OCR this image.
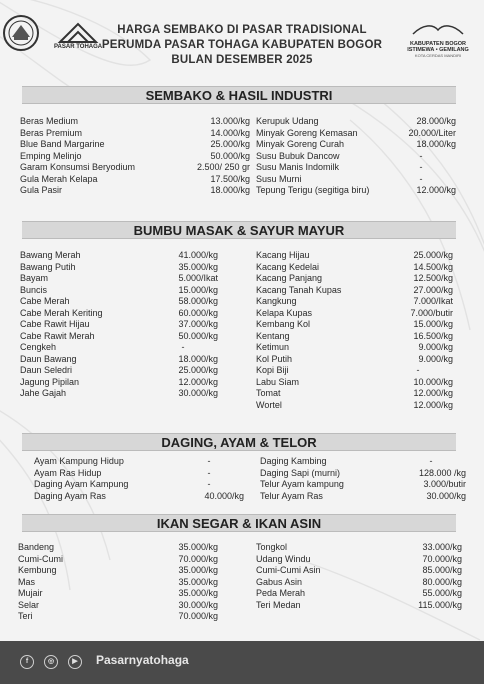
PASAR TOHAGA
HARGA SEMBAKO DI PASAR TRADISIONAL
PERUMDA PASAR TOHAGA KABUPATEN BOGOR
BULAN DESEMBER 2025
KABUPATEN BOGOR
ISTIMEWA • GEMILANG
KOTA CERDAS MANDIRI
SEMBAKO & HASIL INDUSTRI
BUMBU MASAK & SAYUR MAYUR
DAGING, AYAM & TELOR
IKAN SEGAR & IKAN ASIN
Beras Medium	13.000/kg
Beras Premium	14.000/kg
Blue Band Margarine	25.000/kg
Emping Melinjo	50.000/kg
Garam Konsumsi Beryodium	2.500/ 250 gr
Gula Merah Kelapa	17.500/kg
Gula Pasir	18.000/kg
Kerupuk Udang	28.000/kg
Minyak Goreng Kemasan	20.000/Liter
Minyak Goreng Curah	18.000/kg
Susu Bubuk Dancow	-
Susu Manis Indomilk	-
Susu Murni	-
Tepung Terigu (segitiga biru)	12.000/kg
Bawang Merah	41.000/kg
Bawang Putih	35.000/kg
Bayam	5.000/Ikat
Buncis	15.000/kg
Cabe Merah	58.000/kg
Cabe Merah Keriting	60.000/kg
Cabe Rawit Hijau	37.000/kg
Cabe Rawit Merah	50.000/kg
Cengkeh	-
Daun Bawang	18.000/kg
Daun Seledri	25.000/kg
Jagung Pipilan	12.000/kg
Jahe Gajah	30.000/kg
Kacang Hijau	25.000/kg
Kacang Kedelai	14.500/kg
Kacang Panjang	12.500/kg
Kacang Tanah Kupas	27.000/kg
Kangkung	7.000/Ikat
Kelapa Kupas	7.000/butir
Kembang Kol	15.000/kg
Kentang	16.500/kg
Ketimun	9.000/kg
Kol Putih	9.000/kg
Kopi Biji	-
Labu Siam	10.000/kg
Tomat	12.000/kg
Wortel	12.000/kg
Ayam Kampung Hidup	-
Ayam Ras Hidup	-
Daging Ayam Kampung	-
Daging Ayam Ras	40.000/kg
Daging Kambing	-
Daging Sapi (murni)	128.000 /kg
Telur Ayam kampung	3.000/butir
Telur Ayam Ras	30.000/kg
Bandeng	35.000/kg
Cumi-Cumi	70.000/kg
Kembung	35.000/kg
Mas	35.000/kg
Mujair	35.000/kg
Selar	30.000/kg
Teri	70.000/kg
Tongkol	33.000/kg
Udang Windu	70.000/kg
Cumi-Cumi Asin	85.000/kg
Gabus Asin	80.000/kg
Peda Merah	55.000/kg
Teri Medan	115.000/kg
f	◎	▶	Pasarnyatohaga
